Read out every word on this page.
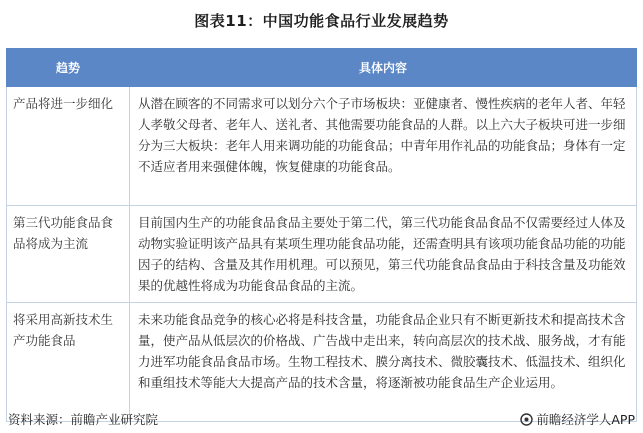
图表11：中国功能食品行业发展趋势
趋势	具体内容
产品将进一步细化	从潜在顾客的不同需求可以划分六个子市场板块：亚健康者、慢性疾病的老年人者、年轻人孝敬父母者、老年人、送礼者、其他需要功能食品的人群。以上六大子板块可进一步细分为三大板块：老年人用来调功能的功能食品；中青年用作礼品的功能食品；身体有一定不适应者用来强健体魄，恢复健康的功能食品。
第三代功能食品食品将成为主流	目前国内生产的功能食品食品主要处于第二代，第三代功能食品食品不仅需要经过人体及动物实验证明该产品具有某项生理功能食品功能，还需查明具有该项功能食品功能的功能因子的结构、含量及其作用机理。可以预见，第三代功能食品食品由于科技含量及功能效果的优越性将成为功能食品食品的主流。
将采用高新技术生产功能食品	未来功能食品竞争的核心必将是科技含量，功能食品企业只有不断更新技术和提高技术含量，使产品从低层次的价格战、广告战中走出来，转向高层次的技术战、服务战，才有能力进军功能食品食品市场。生物工程技术、膜分离技术、微胶囊技术、低温技术、组织化和重组技术等能大大提高产品的技术含量，将逐渐被功能食品生产企业运用。
资料来源：前瞻产业研究院	前瞻经济学人APP
